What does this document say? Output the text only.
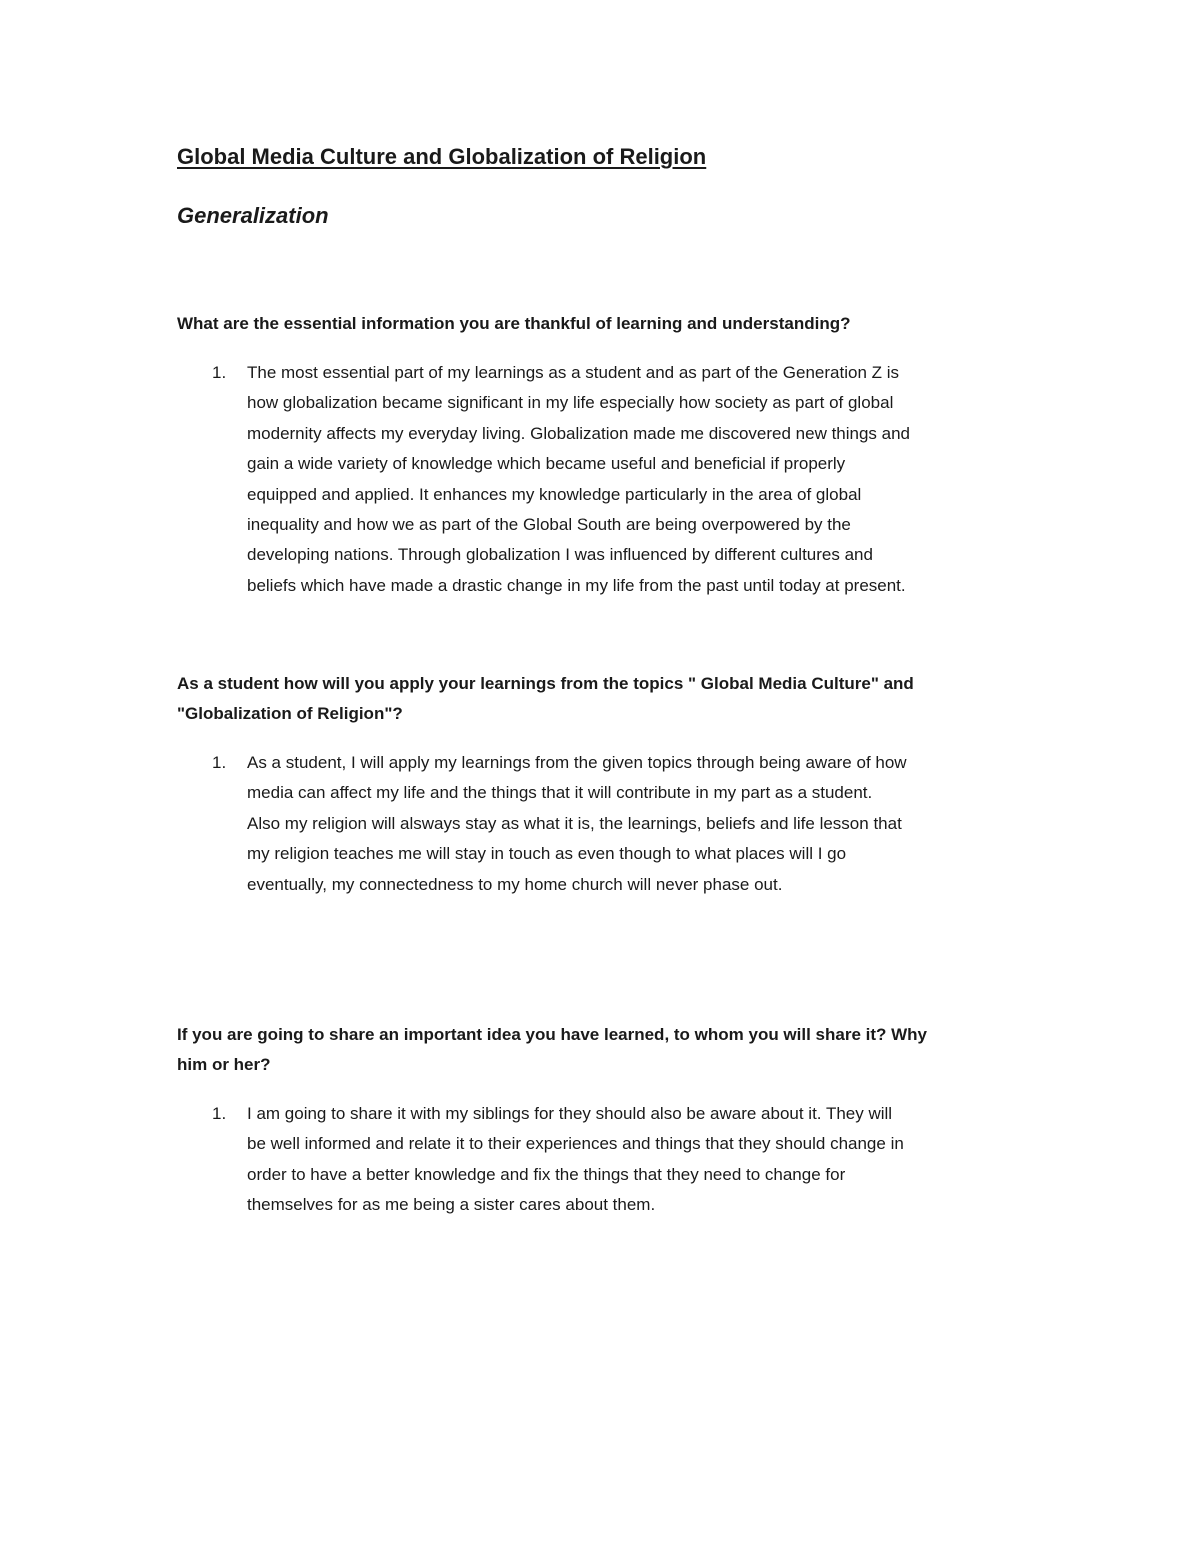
Global Media Culture and Globalization of Religion
Generalization

What are the essential information you are thankful of learning and understanding?

1. The most essential part of my learnings as a student and as part of the Generation Z is
how globalization became significant in my life especially how society as part of global
modernity affects my everyday living. Globalization made me discovered new things and
gain a wide variety of knowledge which became useful and beneficial if properly
equipped and applied. It enhances my knowledge particularly in the area of global
inequality and how we as part of the Global South are being overpowered by the
developing nations. Through globalization I was influenced by different cultures and
beliefs which have made a drastic change in my life from the past until today at present.

As a student how will you apply your learnings from the topics " Global Media Culture" and
"Globalization of Religion"?

1. As a student, I will apply my learnings from the given topics through being aware of how
media can affect my life and the things that it will contribute in my part as a student.
Also my religion will alsways stay as what it is, the learnings, beliefs and life lesson that
my religion teaches me will stay in touch as even though to what places will I go
eventually, my connectedness to my home church will never phase out.

If you are going to share an important idea you have learned, to whom you will share it? Why
him or her?

1. I am going to share it with my siblings for they should also be aware about it. They will
be well informed and relate it to their experiences and things that they should change in
order to have a better knowledge and fix the things that they need to change for
themselves for as me being a sister cares about them.
